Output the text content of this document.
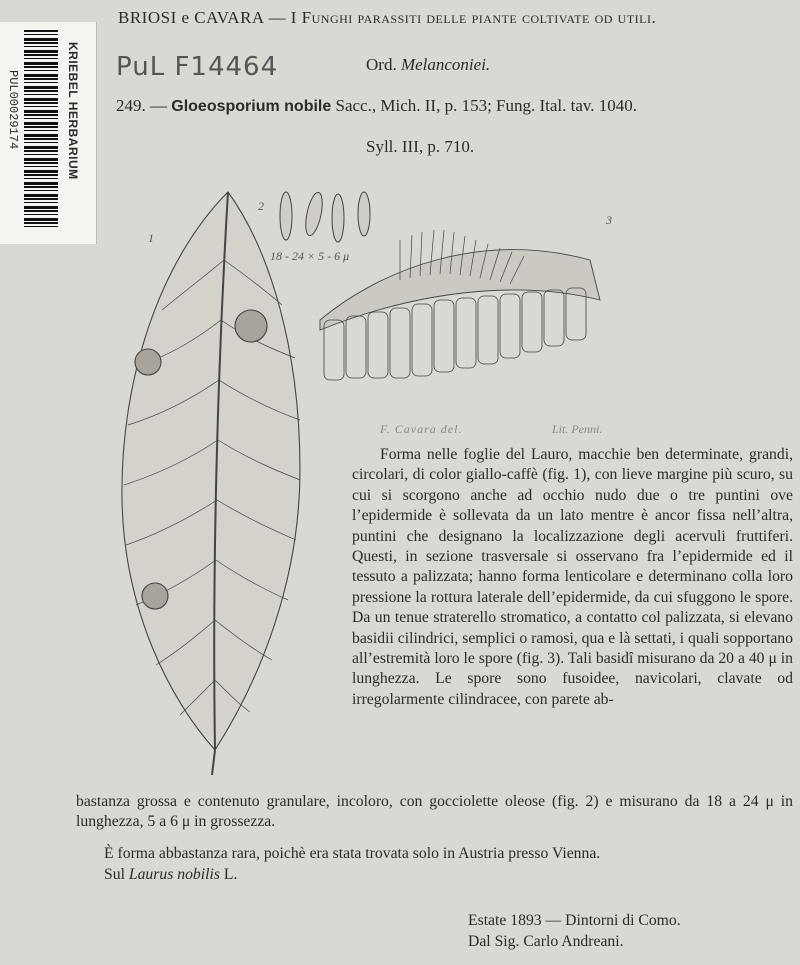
KRIEBEL HERBARIUM
PUL00029174
BRIOSI e CAVARA — I Funghi parassiti delle piante coltivate od utili.
PuL F14464	Ord. Melanconiei.
249. — Gloeosporium nobile Sacc., Mich. II, p. 153; Fung. Ital. tav. 1040.
Syll. III, p. 710.
1
2
18 - 24 × 5 - 6 μ
3
F. Cavara del.	Lit. Penni.
Forma nelle foglie del Lauro, macchie ben determinate, grandi, circolari, di color giallo-caffè (fig. 1), con lieve margine più scuro, su cui si scorgono anche ad occhio nudo due o tre puntini ove l’epidermide è sollevata da un lato mentre è ancor fissa nell’altra, puntini che designano la localizzazione degli acervuli fruttiferi. Questi, in sezione trasversale si osservano fra l’epidermide ed il tessuto a palizzata; hanno forma lenticolare e determinano colla loro pressione la rottura laterale dell’epidermide, da cui sfuggono le spore. Da un tenue straterello stromatico, a contatto col palizzata, si elevano basidii cilindrici, semplici o ramosi, qua e là settati, i quali sopportano all’estremità loro le spore (fig. 3). Tali basidî misurano da 20 a 40 μ in lunghezza. Le spore sono fusoidee, navicolari, clavate od irregolarmente cilindracee, con parete ab-
bastanza grossa e contenuto granulare, incoloro, con gocciolette oleose (fig. 2) e misurano da 18 a 24 μ in lunghezza, 5 a 6 μ in grossezza.
È forma abbastanza rara, poichè era stata trovata solo in Austria presso Vienna.
Sul Laurus nobilis L.
Estate 1893 — Dintorni di Como.
Dal Sig. Carlo Andreani.
